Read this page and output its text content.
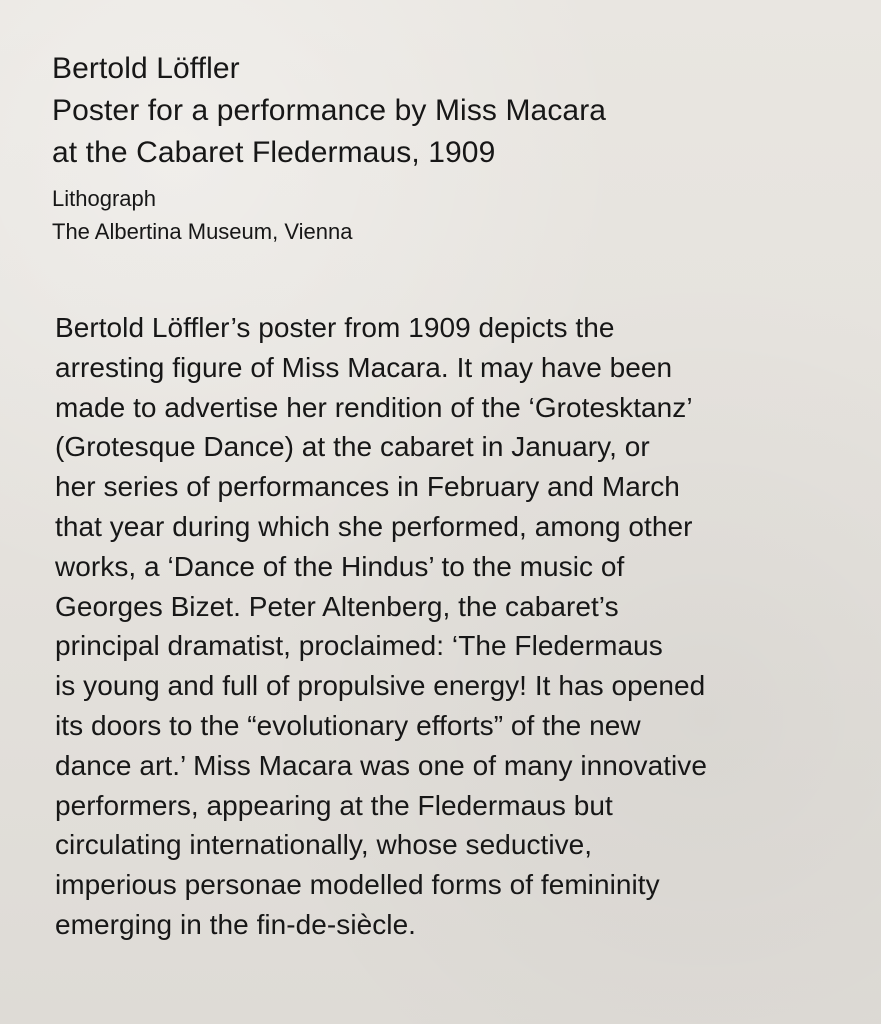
Bertold Löffler
Poster for a performance by Miss Macara
at the Cabaret Fledermaus, 1909
Lithograph
The Albertina Museum, Vienna
Bertold Löffler’s poster from 1909 depicts the
arresting figure of Miss Macara. It may have been
made to advertise her rendition of the ‘Grotesktanz’
(Grotesque Dance) at the cabaret in January, or
her series of performances in February and March
that year during which she performed, among other
works, a ‘Dance of the Hindus’ to the music of
Georges Bizet. Peter Altenberg, the cabaret’s
principal dramatist, proclaimed: ‘The Fledermaus
is young and full of propulsive energy! It has opened
its doors to the “evolutionary efforts” of the new
dance art.’ Miss Macara was one of many innovative
performers, appearing at the Fledermaus but
circulating internationally, whose seductive,
imperious personae modelled forms of femininity
emerging in the fin-de-siècle.
